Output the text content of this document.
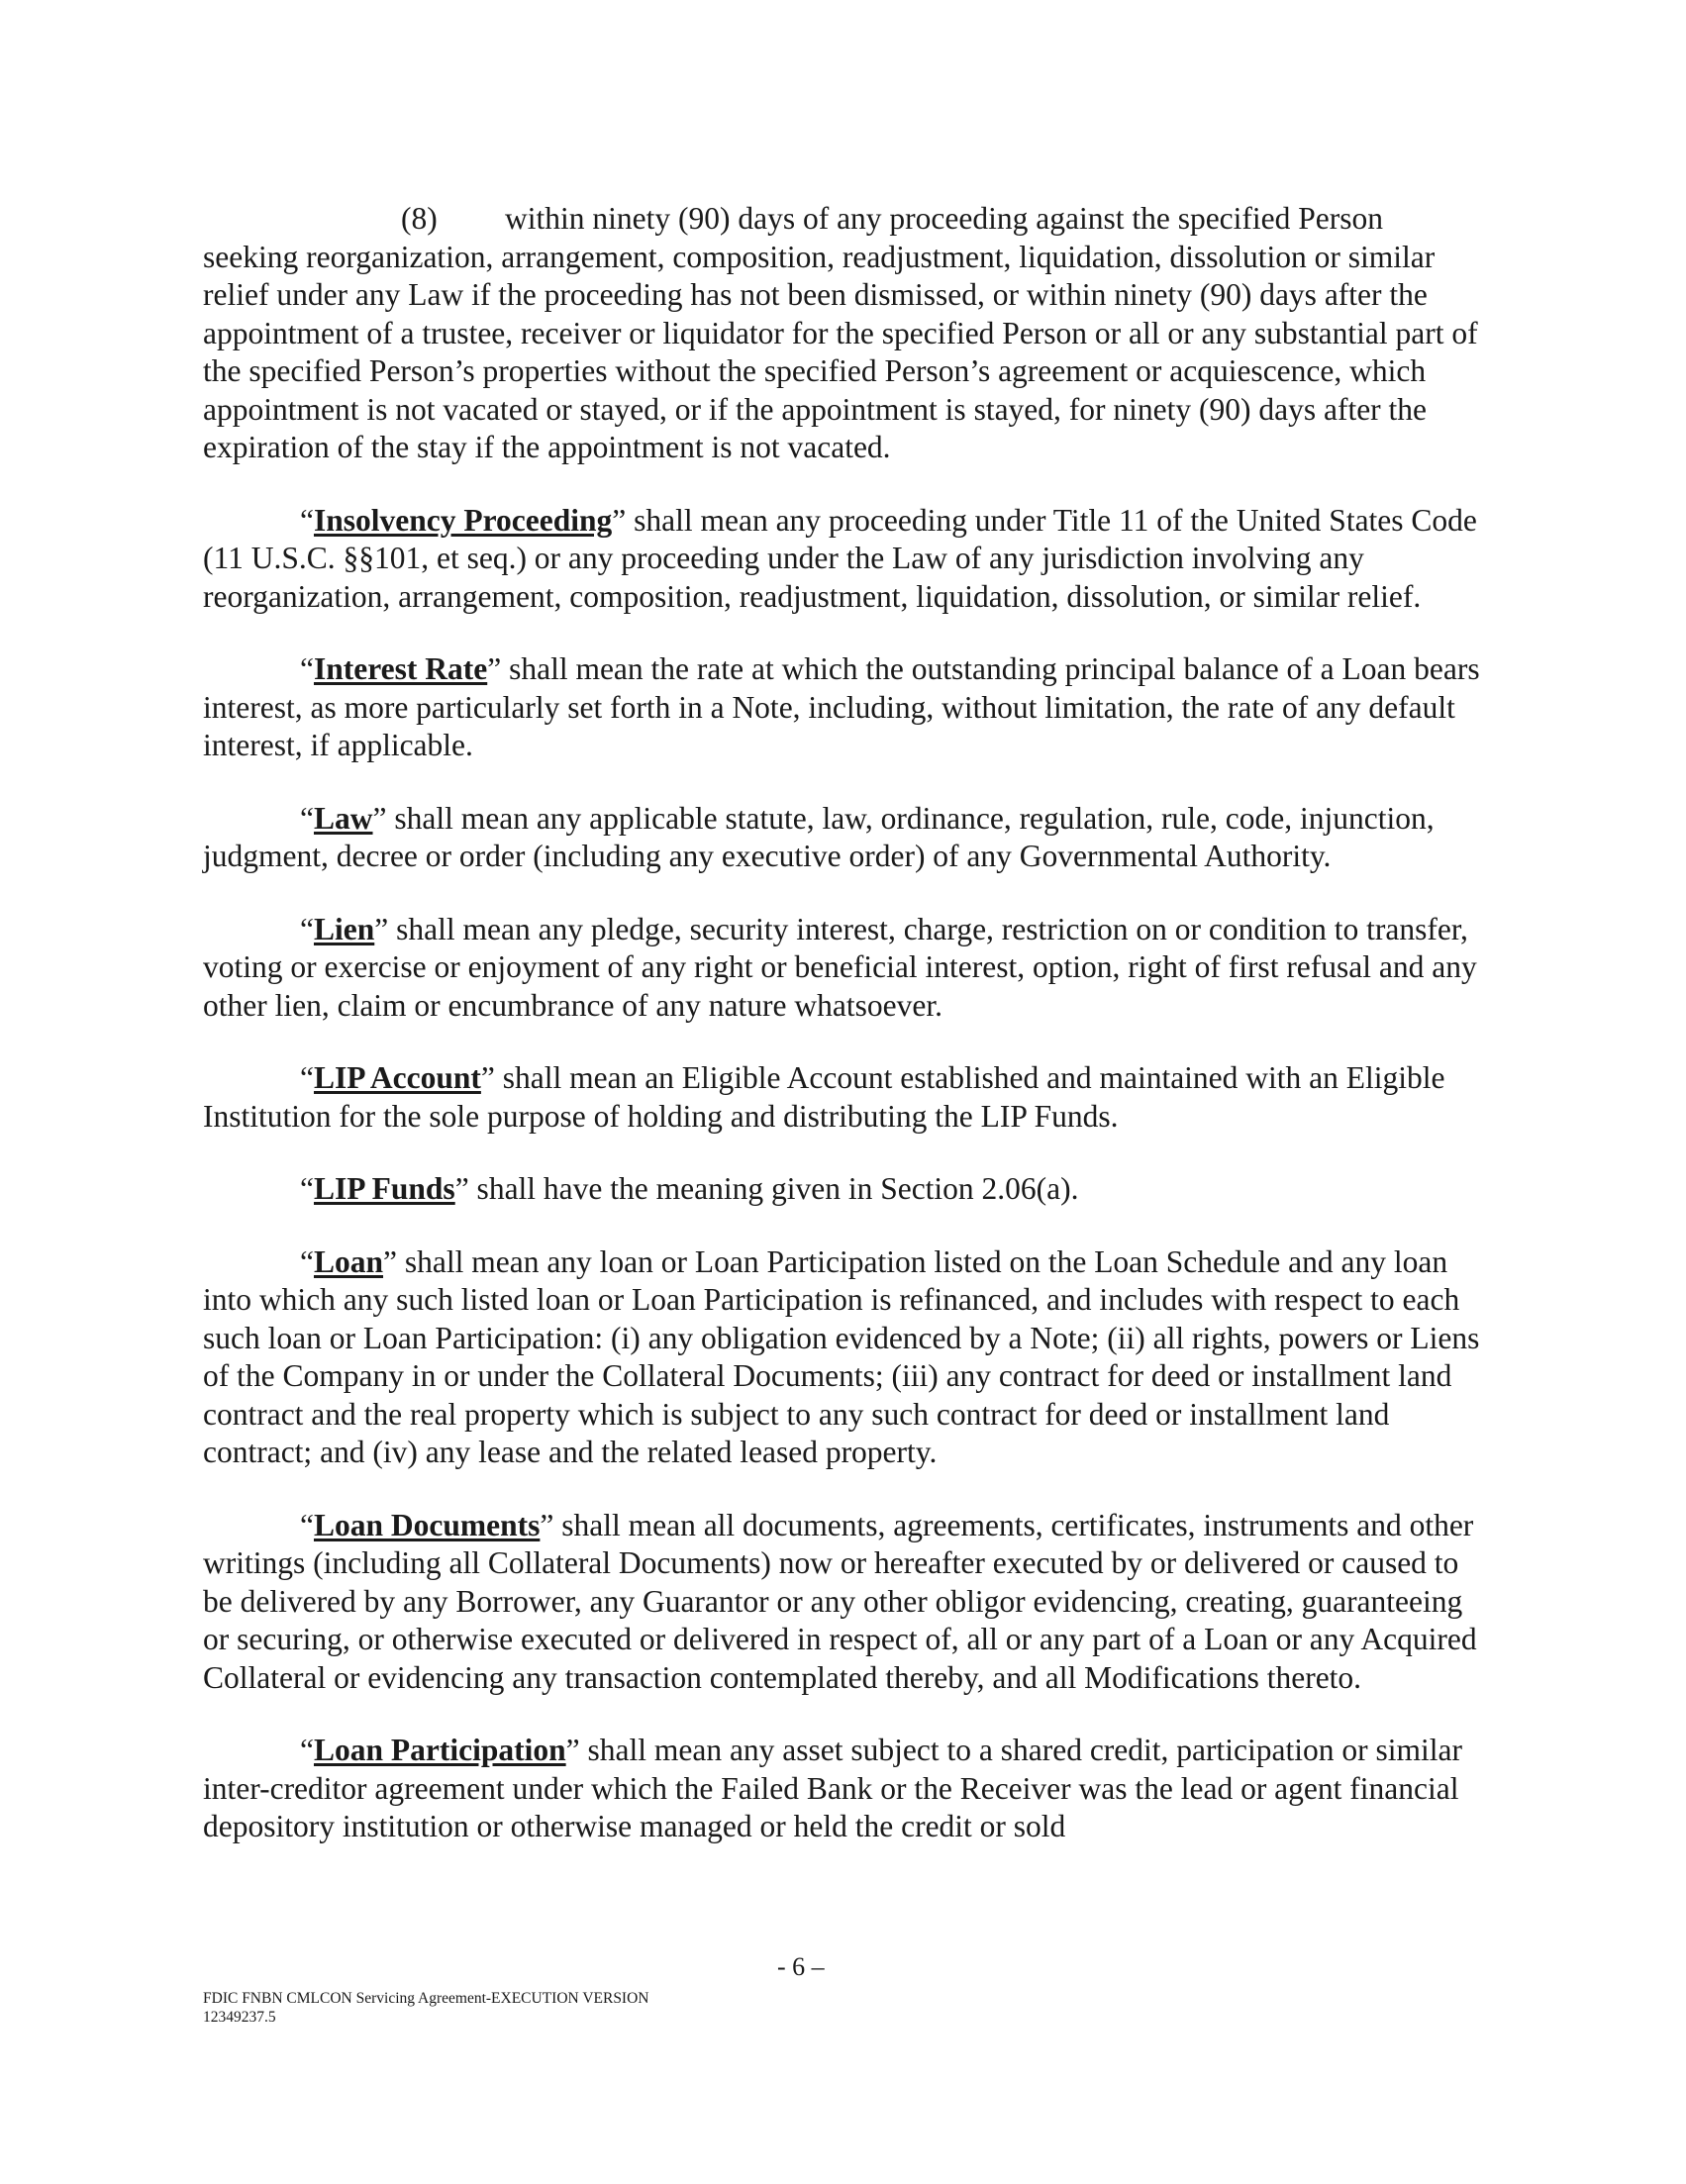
(8) within ninety (90) days of any proceeding against the specified Person seeking reorganization, arrangement, composition, readjustment, liquidation, dissolution or similar relief under any Law if the proceeding has not been dismissed, or within ninety (90) days after the appointment of a trustee, receiver or liquidator for the specified Person or all or any substantial part of the specified Person’s properties without the specified Person’s agreement or acquiescence, which appointment is not vacated or stayed, or if the appointment is stayed, for ninety (90) days after the expiration of the stay if the appointment is not vacated.

“Insolvency Proceeding” shall mean any proceeding under Title 11 of the United States Code (11 U.S.C. §§101, et seq.) or any proceeding under the Law of any jurisdiction involving any reorganization, arrangement, composition, readjustment, liquidation, dissolution, or similar relief.

“Interest Rate” shall mean the rate at which the outstanding principal balance of a Loan bears interest, as more particularly set forth in a Note, including, without limitation, the rate of any default interest, if applicable.

“Law” shall mean any applicable statute, law, ordinance, regulation, rule, code, injunction, judgment, decree or order (including any executive order) of any Governmental Authority.

“Lien” shall mean any pledge, security interest, charge, restriction on or condition to transfer, voting or exercise or enjoyment of any right or beneficial interest, option, right of first refusal and any other lien, claim or encumbrance of any nature whatsoever.

“LIP Account” shall mean an Eligible Account established and maintained with an Eligible Institution for the sole purpose of holding and distributing the LIP Funds.

“LIP Funds” shall have the meaning given in Section 2.06(a).

“Loan” shall mean any loan or Loan Participation listed on the Loan Schedule and any loan into which any such listed loan or Loan Participation is refinanced, and includes with respect to each such loan or Loan Participation: (i) any obligation evidenced by a Note; (ii) all rights, powers or Liens of the Company in or under the Collateral Documents; (iii) any contract for deed or installment land contract and the real property which is subject to any such contract for deed or installment land contract; and (iv) any lease and the related leased property.

“Loan Documents” shall mean all documents, agreements, certificates, instruments and other writings (including all Collateral Documents) now or hereafter executed by or delivered or caused to be delivered by any Borrower, any Guarantor or any other obligor evidencing, creating, guaranteeing or securing, or otherwise executed or delivered in respect of, all or any part of a Loan or any Acquired Collateral or evidencing any transaction contemplated thereby, and all Modifications thereto.

“Loan Participation” shall mean any asset subject to a shared credit, participation or similar inter-creditor agreement under which the Failed Bank or the Receiver was the lead or agent financial depository institution or otherwise managed or held the credit or sold

- 6 –
FDIC FNBN CMLCON Servicing Agreement-EXECUTION VERSION
12349237.5
